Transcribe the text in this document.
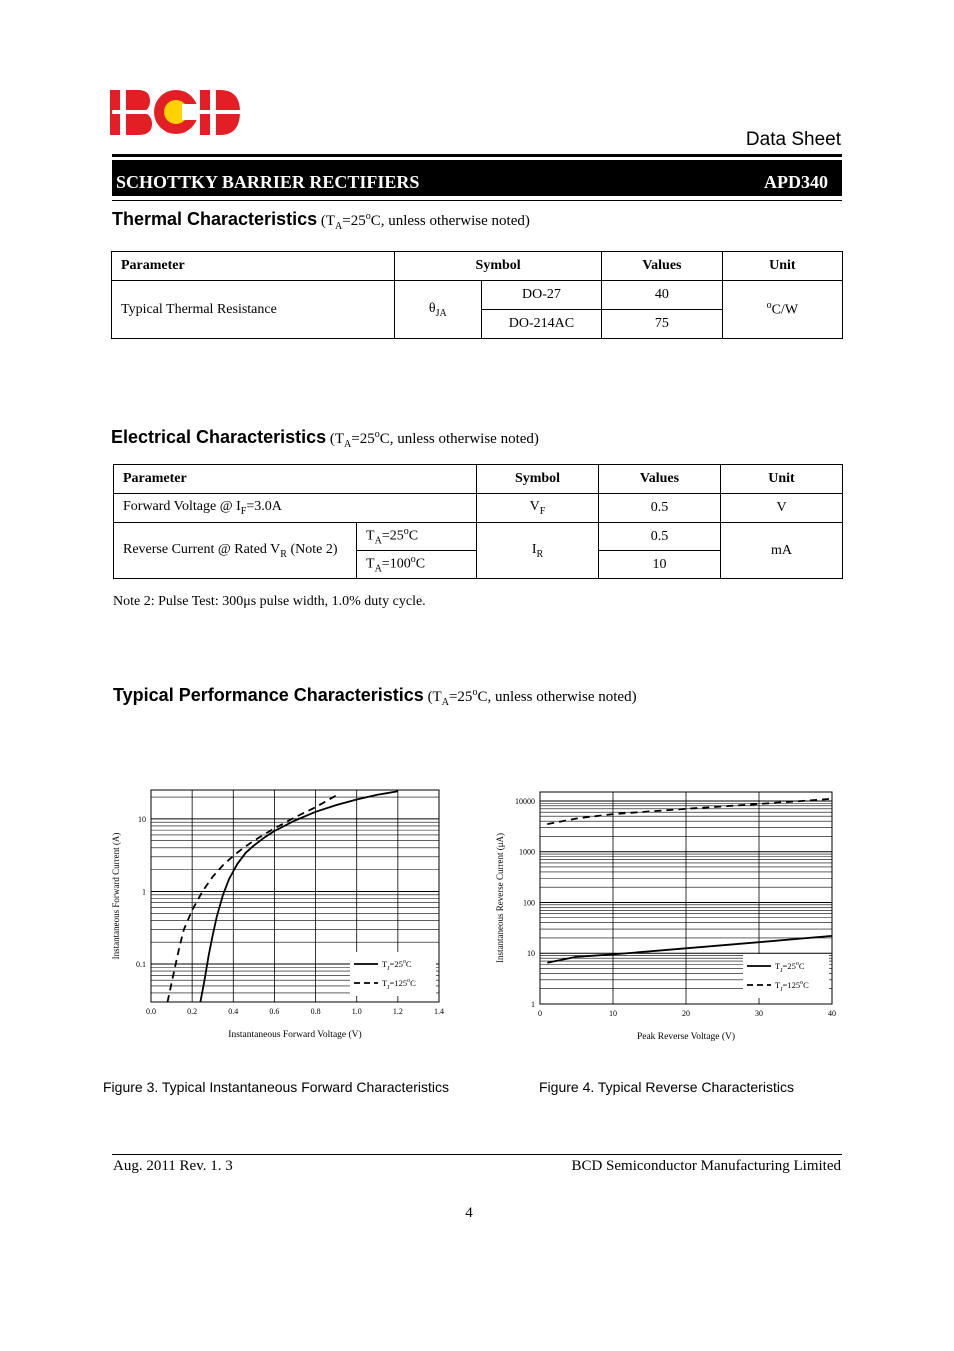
Data Sheet
SCHOTTKY BARRIER RECTIFIERS	APD340
Thermal Characteristics ($T_A=25^oC$, unless otherwise noted)
Parameter	Symbol		Values	Unit
Typical Thermal Resistance	$\theta_{JA}$	DO-27	40	$^o$C/W
		DO-214AC	75	
Electrical Characteristics ($T_A=25^oC$, unless otherwise noted)
Parameter		Symbol	Values	Unit
Forward Voltage @ $I_F=3.0A$		$V_F$	0.5	V
Reverse Current @ Rated $V_R$ (Note 2)	$T_A=25^oC$	$I_R$	0.5	mA
	$T_A=100^oC$		10	
Note 2: Pulse Test: 300μs pulse width, 1.0% duty cycle.
Typical Performance Characteristics ($T_A=25^oC$, unless otherwise noted)
0.0	0.2	0.4	0.6	0.8	1.0	1.2	1.4
0.1
1
10
Instantaneous Forward Voltage (V)
Instantaneous Forward Current (A)
$T_J=25^oC$
$T_J=125^oC$
0	10	20	30	40
1
10
100
1000
10000
Peak Reverse Voltage (V)
Instantaneous Reverse Current (μA)
$T_J=25^oC$
$T_J=125^oC$
Figure 3. Typical Instantaneous Forward Characteristics	Figure 4. Typical Reverse Characteristics
Aug. 2011 Rev. 1. 3	BCD Semiconductor Manufacturing Limited
4
